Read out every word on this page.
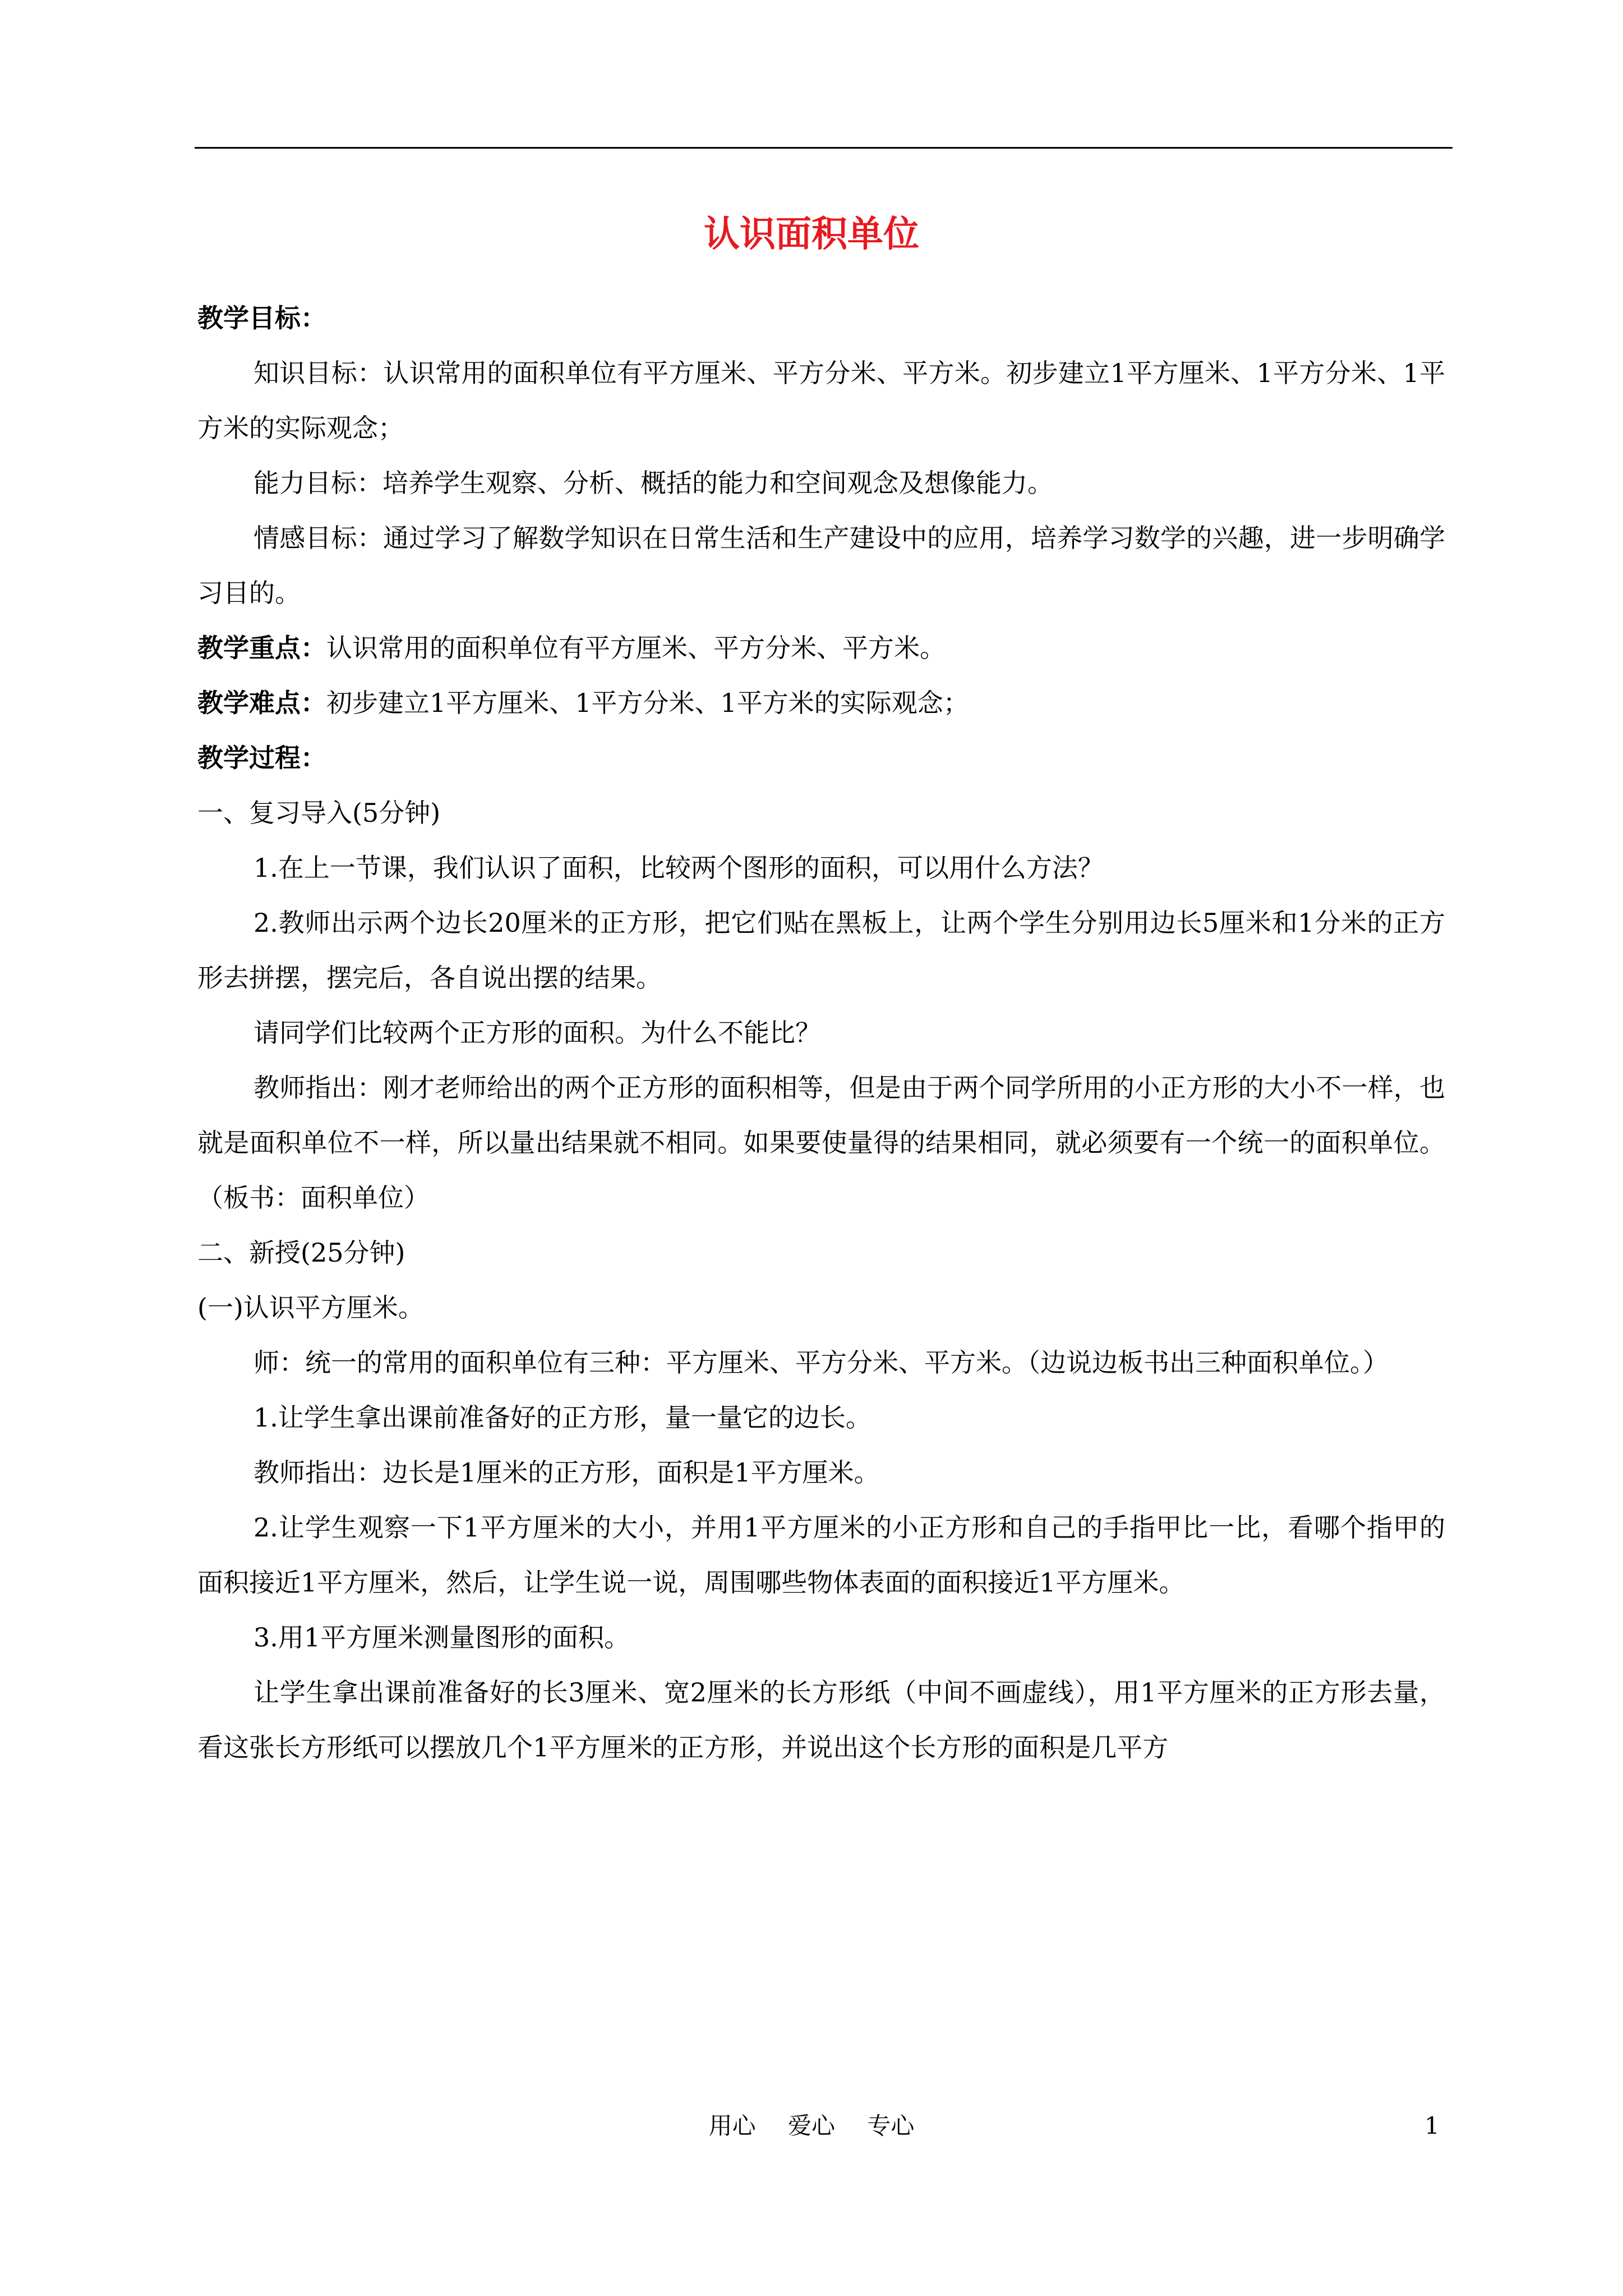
认识面积单位

教学目标：

知识目标：认识常用的面积单位有平方厘米、平方分米、平方米。初步建立1平方厘米、1平方分米、1平方米的实际观念；

能力目标：培养学生观察、分析、概括的能力和空间观念及想像能力。

情感目标：通过学习了解数学知识在日常生活和生产建设中的应用，培养学习数学的兴趣，进一步明确学习目的。

教学重点：认识常用的面积单位有平方厘米、平方分米、平方米。

教学难点：初步建立1平方厘米、1平方分米、1平方米的实际观念；

教学过程：

一、复习导入(5分钟)

1.在上一节课，我们认识了面积，比较两个图形的面积，可以用什么方法？

2.教师出示两个边长20厘米的正方形，把它们贴在黑板上，让两个学生分别用边长5厘米和1分米的正方形去拼摆，摆完后，各自说出摆的结果。

请同学们比较两个正方形的面积。为什么不能比？

教师指出：刚才老师给出的两个正方形的面积相等，但是由于两个同学所用的小正方形的大小不一样，也就是面积单位不一样，所以量出结果就不相同。如果要使量得的结果相同，就必须要有一个统一的面积单位。（板书：面积单位）

二、新授(25分钟)

(一)认识平方厘米。

师：统一的常用的面积单位有三种：平方厘米、平方分米、平方米。（边说边板书出三种面积单位。）

1.让学生拿出课前准备好的正方形，量一量它的边长。

教师指出：边长是1厘米的正方形，面积是1平方厘米。

2.让学生观察一下1平方厘米的大小，并用1平方厘米的小正方形和自己的手指甲比一比，看哪个指甲的面积接近1平方厘米，然后，让学生说一说，周围哪些物体表面的面积接近1平方厘米。

3.用1平方厘米测量图形的面积。

让学生拿出课前准备好的长3厘米、宽2厘米的长方形纸（中间不画虚线），用1平方厘米的正方形去量，看这张长方形纸可以摆放几个1平方厘米的正方形，并说出这个长方形的面积是几平方

用心 爱心 专心	1
